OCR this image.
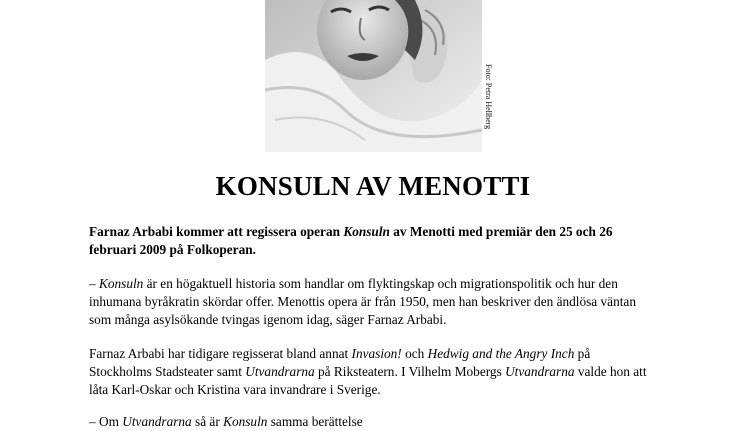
Foto: Petra Hellberg
KONSULN AV MENOTTI

Farnaz Arbabi kommer att regissera operan Konsuln av Menotti med premiär den 25 och 26 februari 2009 på Folkoperan.

– Konsuln är en högaktuell historia som handlar om flyktingskap och migrationspolitik och hur den inhumana byråkratin skördar offer. Menottis opera är från 1950, men han beskriver den ändlösa väntan som många asylsökande tvingas igenom idag, säger Farnaz Arbabi.

Farnaz Arbabi har tidigare regisserat bland annat Invasion! och Hedwig and the Angry Inch på Stockholms Stadsteater samt Utvandrarna på Riksteatern. I Vilhelm Mobergs Utvandrarna valde hon att låta Karl-Oskar och Kristina vara invandrare i Sverige.

– Om Utvandrarna så är Konsuln samma berättelse
